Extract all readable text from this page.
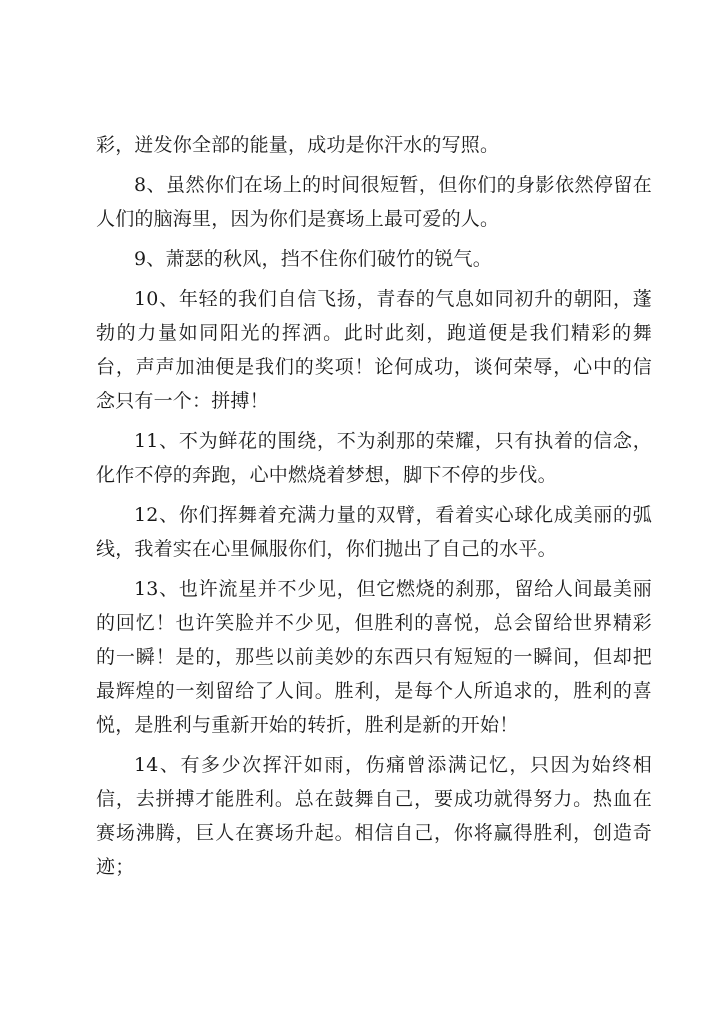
彩，迸发你全部的能量，成功是你汗水的写照。

8、虽然你们在场上的时间很短暂，但你们的身影依然停留在人们的脑海里，因为你们是赛场上最可爱的人。

9、萧瑟的秋风，挡不住你们破竹的锐气。

10、年轻的我们自信飞扬，青春的气息如同初升的朝阳，蓬勃的力量如同阳光的挥洒。此时此刻，跑道便是我们精彩的舞台，声声加油便是我们的奖项！论何成功，谈何荣辱，心中的信念只有一个：拼搏！

11、不为鲜花的围绕，不为刹那的荣耀，只有执着的信念，化作不停的奔跑，心中燃烧着梦想，脚下不停的步伐。

12、你们挥舞着充满力量的双臂，看着实心球化成美丽的弧线，我着实在心里佩服你们，你们抛出了自己的水平。

13、也许流星并不少见，但它燃烧的刹那，留给人间最美丽的回忆！也许笑脸并不少见，但胜利的喜悦，总会留给世界精彩的一瞬！是的，那些以前美妙的东西只有短短的一瞬间，但却把最辉煌的一刻留给了人间。胜利，是每个人所追求的，胜利的喜悦，是胜利与重新开始的转折，胜利是新的开始！

14、有多少次挥汗如雨，伤痛曾添满记忆，只因为始终相信，去拼搏才能胜利。总在鼓舞自己，要成功就得努力。热血在赛场沸腾，巨人在赛场升起。相信自己，你将赢得胜利，创造奇迹；
